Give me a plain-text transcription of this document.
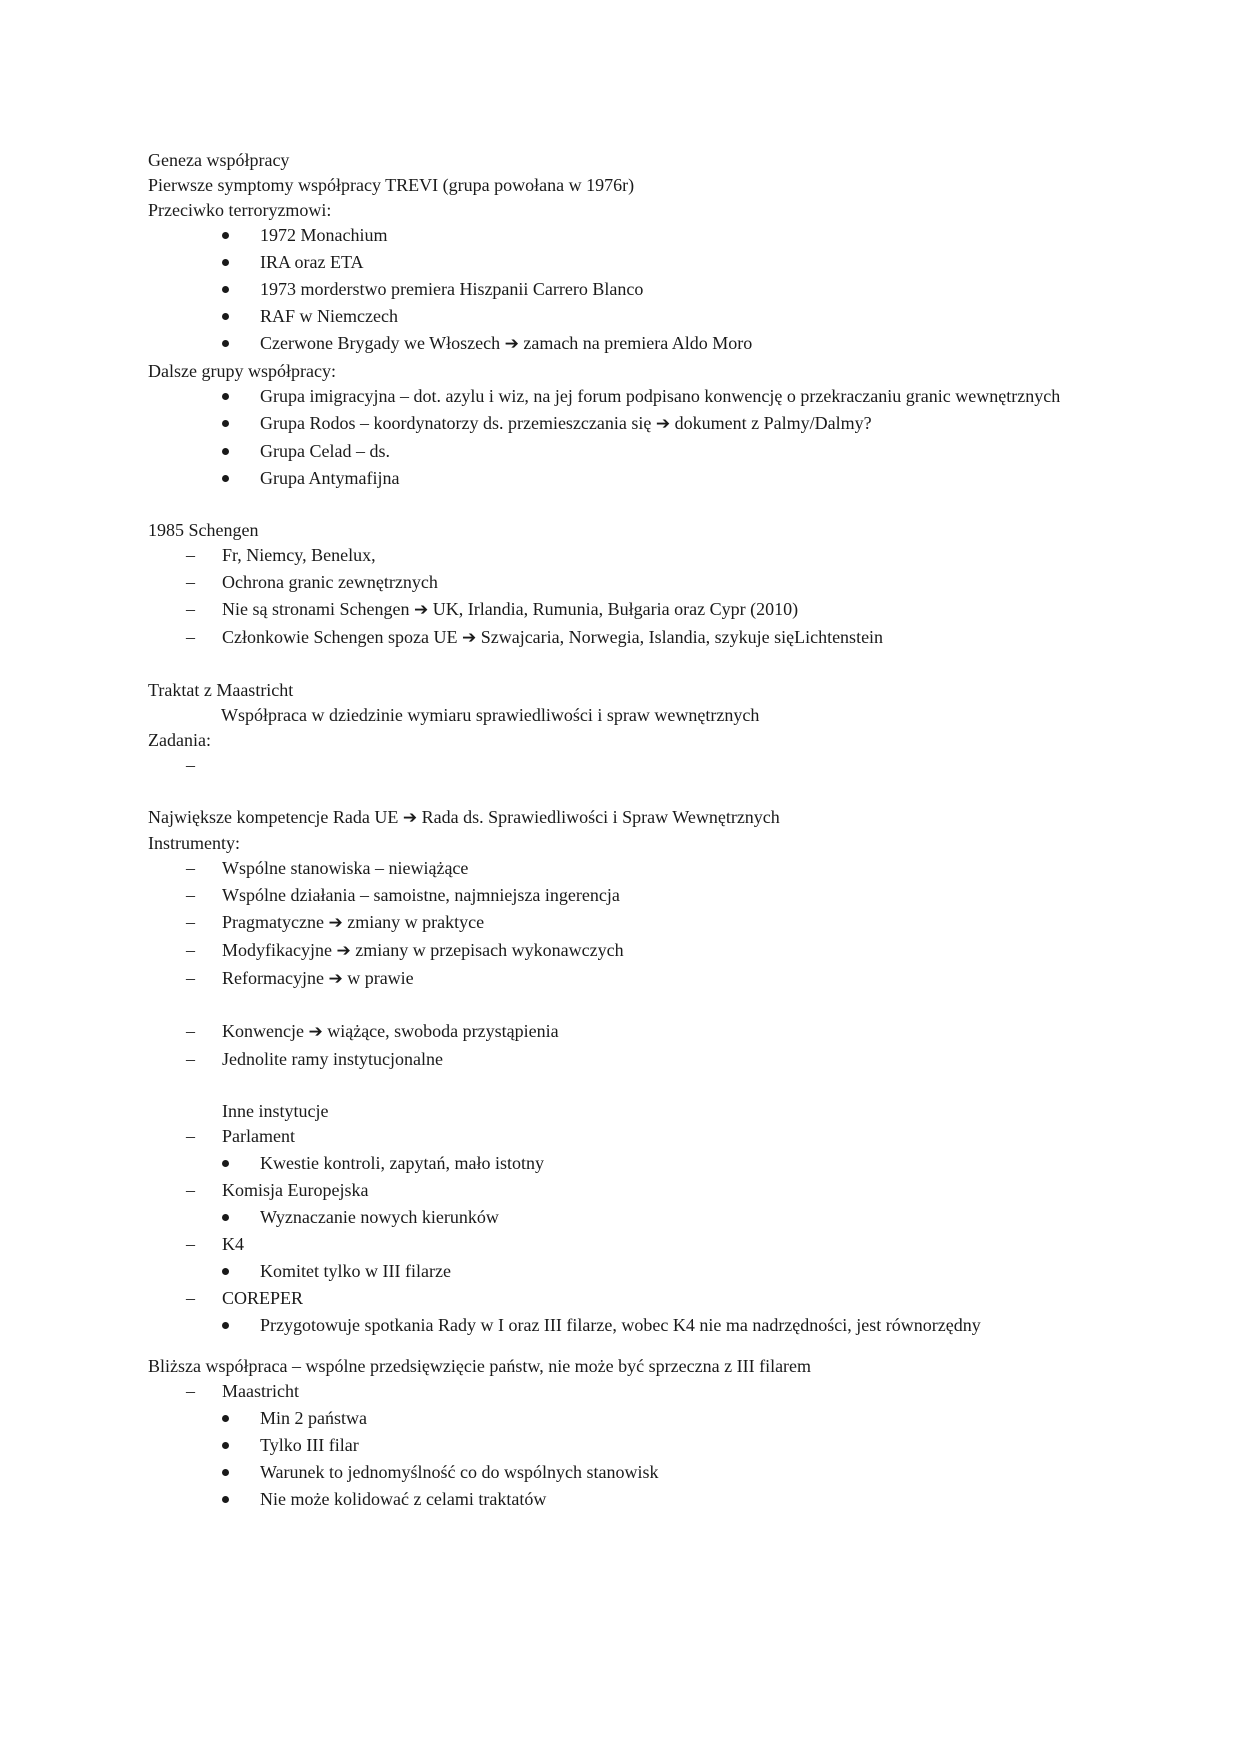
Geneza współpracy

Pierwsze symptomy współpracy TREVI (grupa powołana w 1976r)

Przeciwko terroryzmowi:

1972 Monachium
IRA oraz ETA
1973 morderstwo premiera Hiszpanii Carrero Blanco
RAF w Niemczech
Czerwone Brygady we Włoszech ➔ zamach na premiera Aldo Moro

Dalsze grupy współpracy:

Grupa imigracyjna – dot. azylu i wiz, na jej forum podpisano konwencję o przekraczaniu granic wewnętrznych
Grupa Rodos – koordynatorzy ds. przemieszczania się ➔ dokument z Palmy/Dalmy?
Grupa Celad – ds.
Grupa Antymafijna

1985 Schengen

– Fr, Niemcy, Benelux,
– Ochrona granic zewnętrznych
– Nie są stronami Schengen ➔ UK, Irlandia, Rumunia, Bułgaria oraz Cypr (2010)
– Członkowie Schengen spoza UE ➔ Szwajcaria, Norwegia, Islandia, szykuje sięLichtenstein

Traktat z Maastricht

Współpraca w dziedzinie wymiaru sprawiedliwości i spraw wewnętrznych

Zadania:

–

Największe kompetencje Rada UE ➔ Rada ds. Sprawiedliwości i Spraw Wewnętrznych

Instrumenty:

– Wspólne stanowiska – niewiążące
– Wspólne działania – samoistne, najmniejsza ingerencja
– Pragmatyczne ➔ zmiany w praktyce
– Modyfikacyjne ➔ zmiany w przepisach wykonawczych
– Reformacyjne ➔ w prawie
– Konwencje ➔ wiążące, swoboda przystąpienia
– Jednolite ramy instytucjonalne

Inne instytucje

– Parlament
Kwestie kontroli, zapytań, mało istotny
– Komisja Europejska
Wyznaczanie nowych kierunków
– K4
Komitet tylko w III filarze
– COREPER
Przygotowuje spotkania Rady w I oraz III filarze, wobec K4 nie ma nadrzędności, jest równorzędny

Bliższa współpraca – wspólne przedsięwzięcie państw, nie może być sprzeczna z III filarem

– Maastricht
Min 2 państwa
Tylko III filar
Warunek to jednomyślność co do wspólnych stanowisk
Nie może kolidować z celami traktatów
